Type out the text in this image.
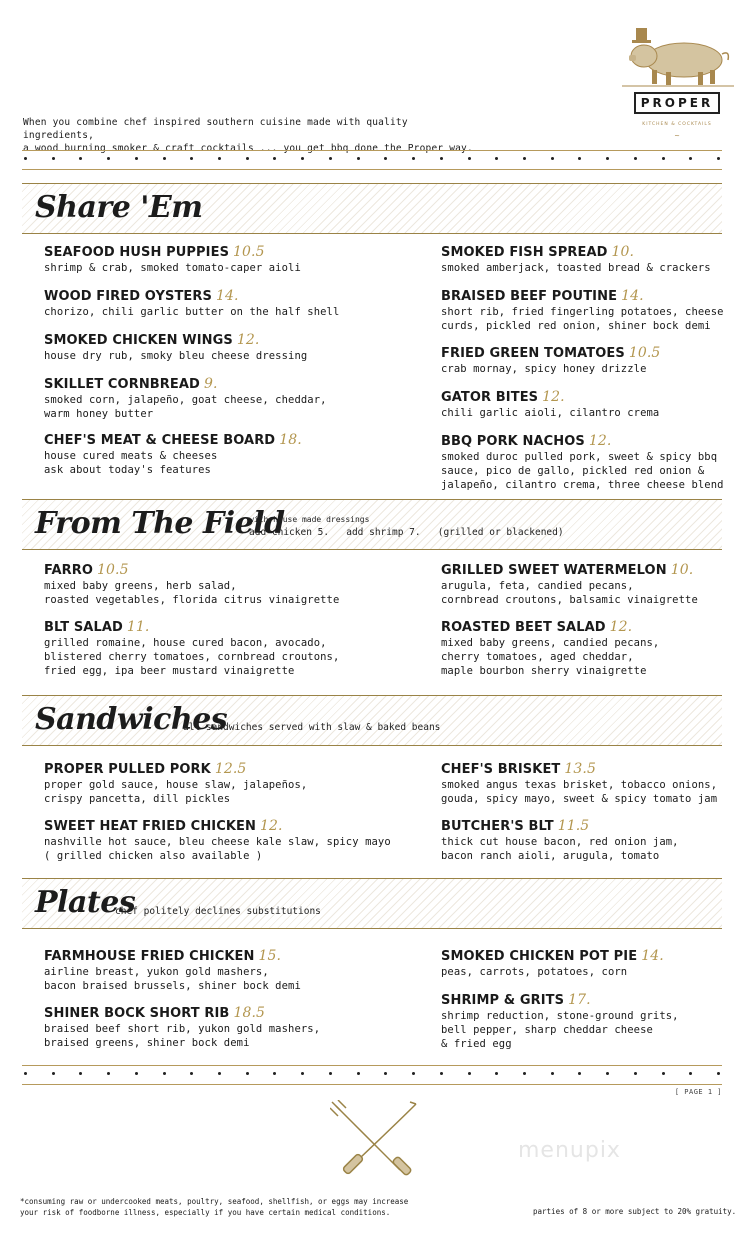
When you combine chef inspired southern cuisine made with quality ingredients,
a wood burning smoker & craft cocktails ... you get bbq done the Proper way.
PROPER
KITCHEN & COCKTAILS
~
Share 'Em
SEAFOOD HUSH PUPPIES 10.5
shrimp & crab, smoked tomato-caper aioli
WOOD FIRED OYSTERS 14.
chorizo, chili garlic butter on the half shell
SMOKED CHICKEN WINGS 12.
house dry rub, smoky bleu cheese dressing
SKILLET CORNBREAD 9.
smoked corn, jalapeño, goat cheese, cheddar,
warm honey butter
CHEF'S MEAT & CHEESE BOARD 18.
house cured meats & cheeses
ask about today's features
SMOKED FISH SPREAD 10.
smoked amberjack, toasted bread & crackers
BRAISED BEEF POUTINE 14.
short rib, fried fingerling potatoes, cheese
curds, pickled red onion, shiner bock demi
FRIED GREEN TOMATOES 10.5
crab mornay, spicy honey drizzle
GATOR BITES 12.
chili garlic aioli, cilantro crema
BBQ PORK NACHOS 12.
smoked duroc pulled pork, sweet & spicy bbq
sauce, pico de gallo, pickled red onion &
jalapeño, cilantro crema, three cheese blend
From The Field
with house made dressings
add chicken 5.   add shrimp 7.   (grilled or blackened)
FARRO 10.5
mixed baby greens, herb salad,
roasted vegetables, florida citrus vinaigrette
BLT SALAD 11.
grilled romaine, house cured bacon, avocado,
blistered cherry tomatoes, cornbread croutons,
fried egg, ipa beer mustard vinaigrette
GRILLED SWEET WATERMELON 10.
arugula, feta, candied pecans,
cornbread croutons, balsamic vinaigrette
ROASTED BEET SALAD 12.
mixed baby greens, candied pecans,
cherry tomatoes, aged cheddar,
maple bourbon sherry vinaigrette
Sandwiches
all sandwiches served with slaw & baked beans
PROPER PULLED PORK 12.5
proper gold sauce, house slaw, jalapeños,
crispy pancetta, dill pickles
SWEET HEAT FRIED CHICKEN 12.
nashville hot sauce, bleu cheese kale slaw, spicy mayo
( grilled chicken also available )
CHEF'S BRISKET 13.5
smoked angus texas brisket, tobacco onions,
gouda, spicy mayo, sweet & spicy tomato jam
BUTCHER'S BLT 11.5
thick cut house bacon, red onion jam,
bacon ranch aioli, arugula, tomato
Plates
chef politely declines substitutions
FARMHOUSE FRIED CHICKEN 15.
airline breast, yukon gold mashers,
bacon braised brussels, shiner bock demi
SHINER BOCK SHORT RIB 18.5
braised beef short rib, yukon gold mashers,
braised greens, shiner bock demi
SMOKED CHICKEN POT PIE 14.
peas, carrots, potatoes, corn
SHRIMP & GRITS 17.
shrimp reduction, stone-ground grits,
bell pepper, sharp cheddar cheese
& fried egg
[ PAGE 1 ]
menupix
*consuming raw or undercooked meats, poultry, seafood, shellfish, or eggs may increase
your risk of foodborne illness, especially if you have certain medical conditions.	parties of 8 or more subject to 20% gratuity.
